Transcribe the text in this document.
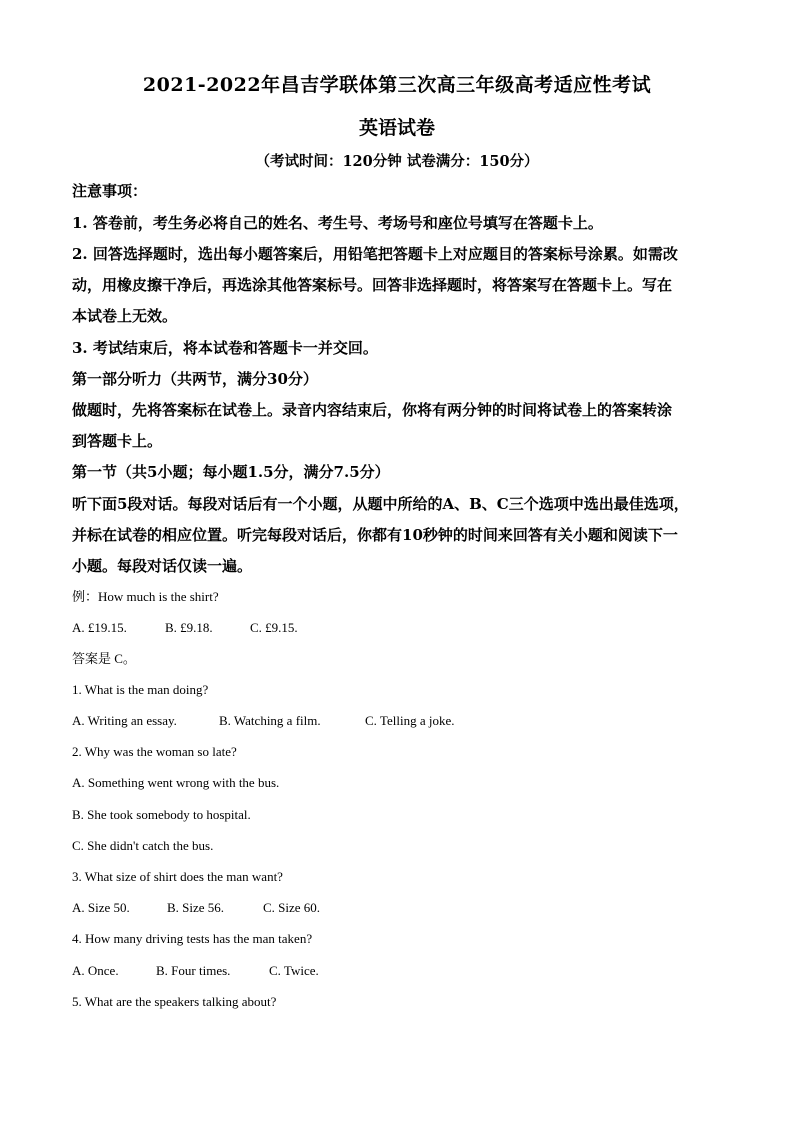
2021-2022年昌吉学联体第三次高三年级高考适应性考试
英语试卷
（考试时间：120分钟 试卷满分：150分）
注意事项：
1. 答卷前，考生务必将自己的姓名、考生号、考场号和座位号填写在答题卡上。
2. 回答选择题时，选出每小题答案后，用铅笔把答题卡上对应题目的答案标号涂累。如需改
动，用橡皮擦干净后，再选涂其他答案标号。回答非选择题时，将答案写在答题卡上。写在
本试卷上无效。
3. 考试结束后，将本试卷和答题卡一并交回。
第一部分听力（共两节，满分30分）
做题时，先将答案标在试卷上。录音内容结束后，你将有两分钟的时间将试卷上的答案转涂
到答题卡上。
第一节（共5小题；每小题1.5分，满分7.5分）
听下面5段对话。每段对话后有一个小题，从题中所给的A、B、C三个选项中选出最佳选项，
并标在试卷的相应位置。听完每段对话后，你都有10秒钟的时间来回答有关小题和阅读下一
小题。每段对话仅读一遍。
例：How much is the shirt?
A. £19.15.	B. £9.18.	C. £9.15.
答案是 C。
1. What is the man doing?
A. Writing an essay.	B. Watching a film.	C. Telling a joke.
2. Why was the woman so late?
A. Something went wrong with the bus.
B. She took somebody to hospital.
C. She didn't catch the bus.
3. What size of shirt does the man want?
A. Size 50.	B. Size 56.	C. Size 60.
4. How many driving tests has the man taken?
A. Once.	B. Four times.	C. Twice.
5. What are the speakers talking about?
